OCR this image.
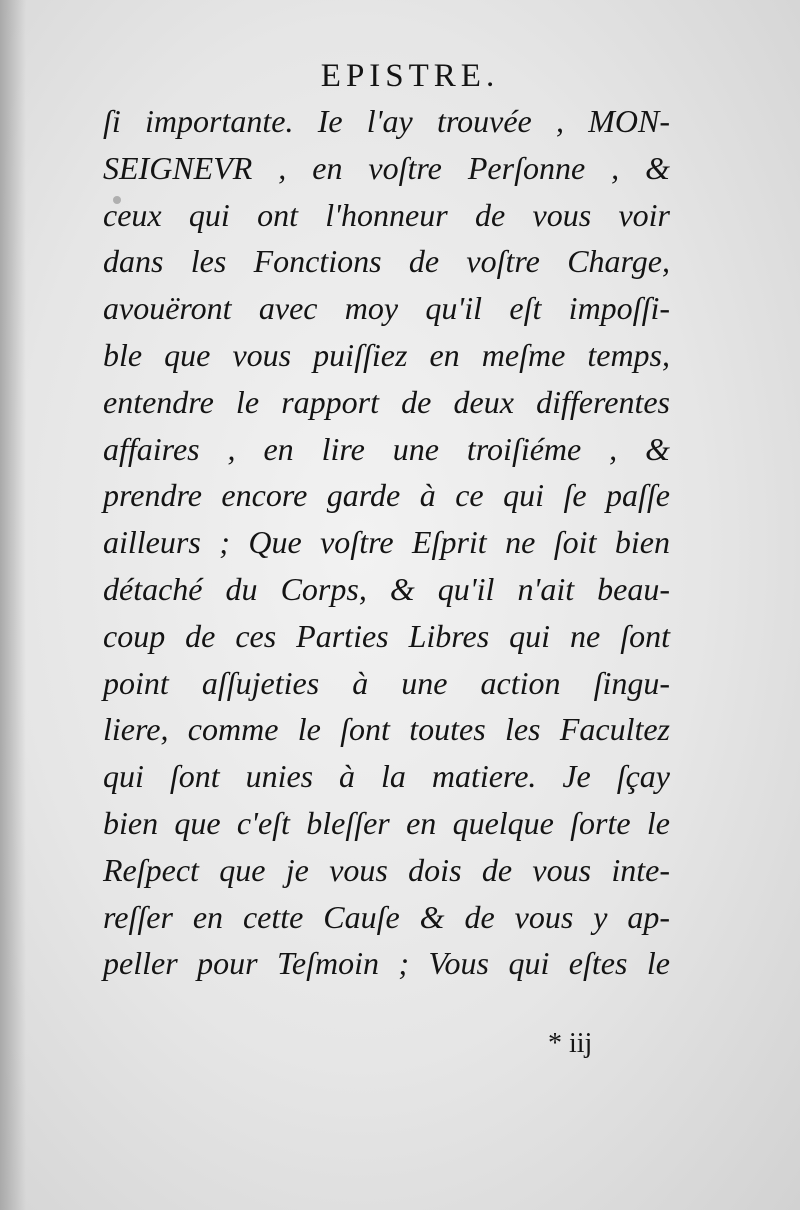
EPISTRE.
ſi importante. Ie l'ay trouvée , MON-
SEIGNEVR , en voſtre Perſonne , &
ceux qui ont l'honneur de vous voir
dans les Fonctions de voſtre Charge,
avouëront avec moy qu'il eſt impoſſi-
ble que vous puiſſiez en meſme temps,
entendre le rapport de deux differentes
affaires , en lire une troiſiéme , &
prendre encore garde à ce qui ſe paſſe
ailleurs ; Que voſtre Eſprit ne ſoit bien
détaché du Corps, & qu'il n'ait beau-
coup de ces Parties Libres qui ne ſont
point aſſujeties à une action ſingu-
liere, comme le ſont toutes les Facultez
qui ſont unies à la matiere. Je ſçay
bien que c'eſt bleſſer en quelque ſorte le
Reſpect que je vous dois de vous inte-
reſſer en cette Cauſe & de vous y ap-
peller pour Teſmoin ; Vous qui eſtes le
* iij
